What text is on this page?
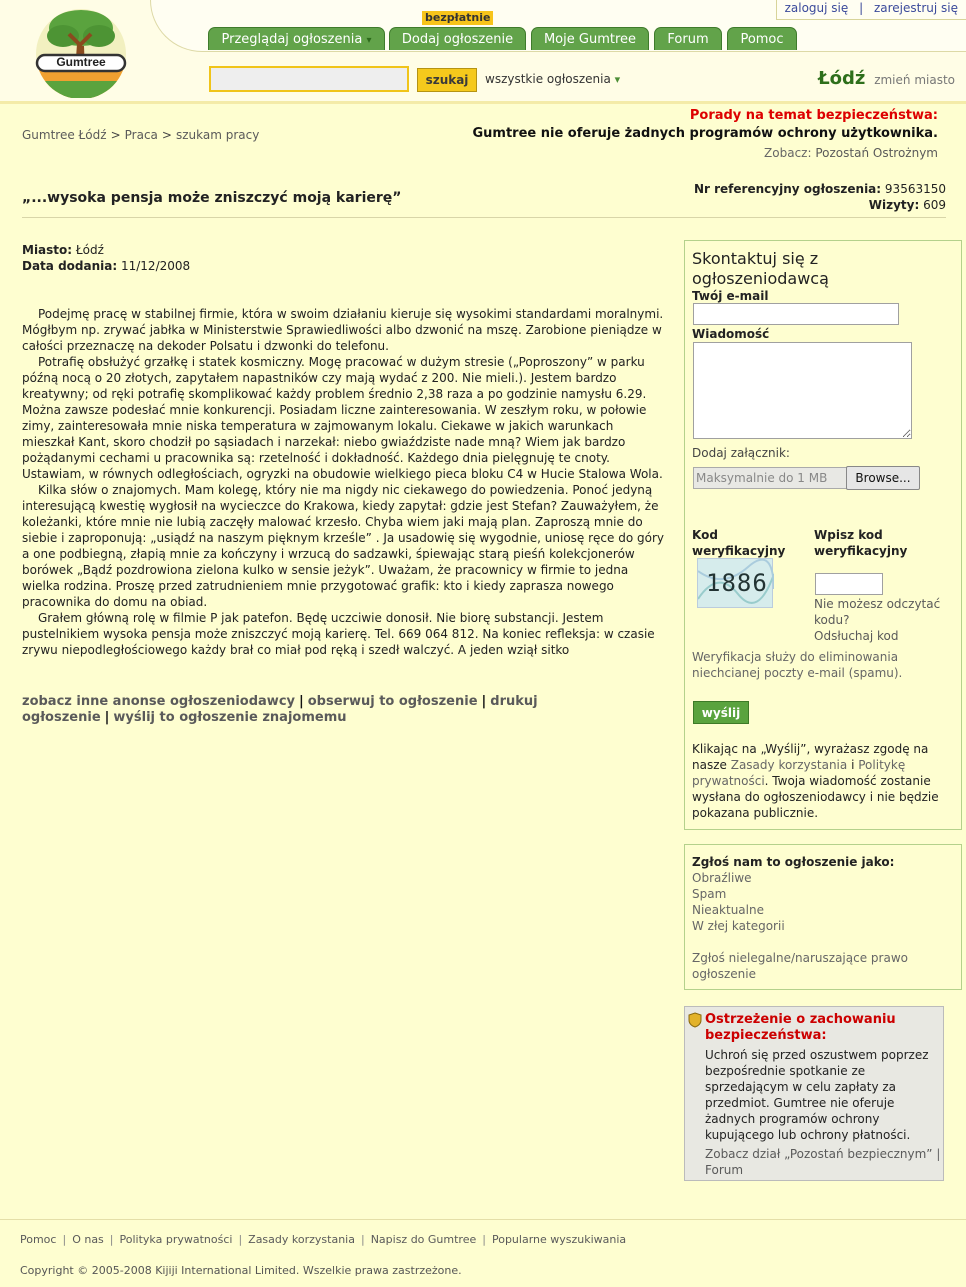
Gumtree
zaloguj się | zarejestruj się
Przeglądaj ogłoszenia ▾
bezpłatnie
Dodaj ogłoszenie	Moje Gumtree	Forum	Pomoc
szukaj	wszystkie ogłoszenia ▾	Łódź zmień miasto
Gumtree Łódź > Praca > szukam pracy
Porady na temat bezpieczeństwa:
Gumtree nie oferuje żadnych programów ochrony użytkownika.
Zobacz: Pozostań Ostrożnym
„...wysoka pensja może zniszczyć moją karierę”
Nr referencyjny ogłoszenia: 93563150
Wizyty: 609
Miasto: Łódź
Data dodania: 11/12/2008

Podejmę pracę w stabilnej firmie, która w swoim działaniu kieruje się wysokimi standardami moralnymi. Mógłbym np. zrywać jabłka w Ministerstwie Sprawiedliwości albo dzwonić na mszę. Zarobione pieniądze w całości przeznaczę na dekoder Polsatu i dzwonki do telefonu.

Potrafię obsłużyć grzałkę i statek kosmiczny. Mogę pracować w dużym stresie („Poproszony” w parku późną nocą o 20 złotych, zapytałem napastników czy mają wydać z 200. Nie mieli.). Jestem bardzo kreatywny; od ręki potrafię skomplikować każdy problem średnio 2,38 raza a po godzinie namysłu 6.29. Można zawsze podesłać mnie konkurencji. Posiadam liczne zainteresowania. W zeszłym roku, w połowie zimy, zainteresowała mnie niska temperatura w zajmowanym lokalu. Ciekawe w jakich warunkach mieszkał Kant, skoro chodził po sąsiadach i narzekał: niebo gwiaździste nade mną? Wiem jak bardzo pożądanymi cechami u pracownika są: rzetelność i dokładność. Każdego dnia pielęgnuję te cnoty. Ustawiam, w równych odległościach, ogryzki na obudowie wielkiego pieca bloku C4 w Hucie Stalowa Wola.

Kilka słów o znajomych. Mam kolegę, który nie ma nigdy nic ciekawego do powiedzenia. Ponoć jedyną interesującą kwestię wygłosił na wycieczce do Krakowa, kiedy zapytał: gdzie jest Stefan? Zauważyłem, że koleżanki, które mnie nie lubią zaczęły malować krzesło. Chyba wiem jaki mają plan. Zaproszą mnie do siebie i zaproponują: „usiądź na naszym pięknym krześle” . Ja usadowię się wygodnie, uniosę ręce do góry a one podbiegną, złapią mnie za kończyny i wrzucą do sadzawki, śpiewając starą pieśń kolekcjonerów borówek „Bądź pozdrowiona zielona kulko w sensie jeżyk”. Uważam, że pracownicy w firmie to jedna wielka rodzina. Proszę przed zatrudnieniem mnie przygotować grafik: kto i kiedy zaprasza nowego pracownika do domu na obiad.

Grałem główną rolę w filmie P jak patefon. Będę uczciwie donosił. Nie biorę substancji. Jestem pustelnikiem wysoka pensja może zniszczyć moją karierę. Tel. 669 064 812. Na koniec refleksja: w czasie zrywu niepodległościowego każdy brał co miał pod ręką i szedł walczyć. A jeden wziął sitko

zobacz inne anonse ogłoszeniodawcy | obserwuj to ogłoszenie | drukuj ogłoszenie | wyślij to ogłoszenie znajomemu
Skontaktuj się z ogłoszeniodawcą
Twój e-mail
Wiadomość
Dodaj załącznik:
Maksymalnie do 1 MB	Browse...
Kod weryfikacyjny
Wpisz kod weryfikacyjny
1886
Nie możesz odczytać kodu?
Odsłuchaj kod
Weryfikacja służy do eliminowania niechcianej poczty e-mail (spamu).
wyślij
Klikając na „Wyślij”, wyrażasz zgodę na nasze Zasady korzystania i Politykę prywatności. Twoja wiadomość zostanie wysłana do ogłoszeniodawcy i nie będzie pokazana publicznie.
Zgłoś nam to ogłoszenie jako:
Obraźliwe
Spam
Nieaktualne
W złej kategorii
Zgłoś nielegalne/naruszające prawo ogłoszenie
Ostrzeżenie o zachowaniu bezpieczeństwa:
Uchroń się przed oszustwem poprzez bezpośrednie spotkanie ze sprzedającym w celu zapłaty za przedmiot. Gumtree nie oferuje żadnych programów ochrony kupującego lub ochrony płatności.
Zobacz dział „Pozostań bezpiecznym” | Forum
Pomoc | O nas | Polityka prywatności | Zasady korzystania | Napisz do Gumtree | Popularne wyszukiwania
Copyright © 2005-2008 Kijiji International Limited. Wszelkie prawa zastrzeżone.
